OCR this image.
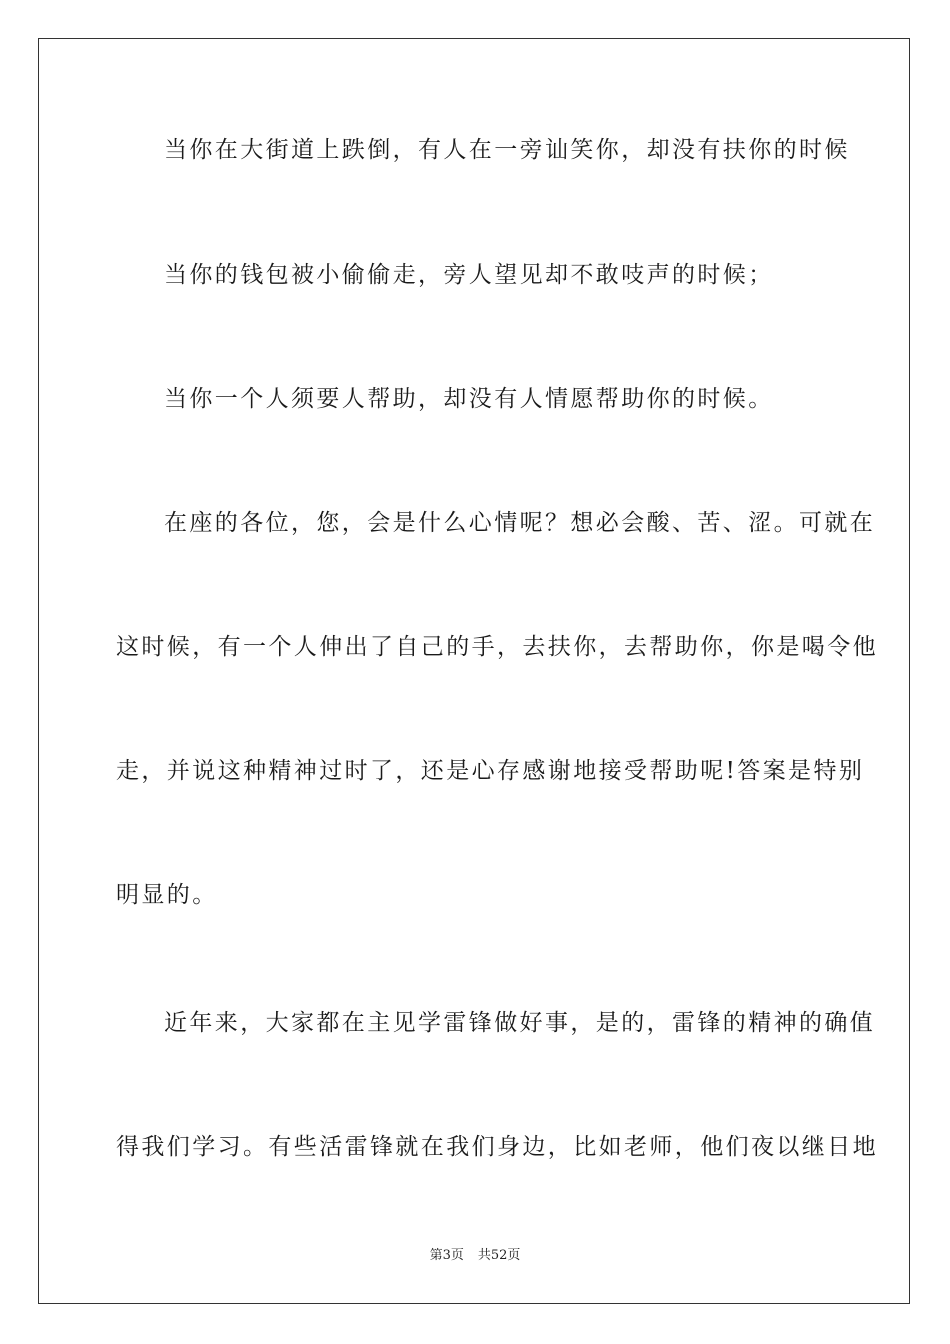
当你在大街道上跌倒，有人在一旁讪笑你，却没有扶你的时候
当你的钱包被小偷偷走，旁人望见却不敢吱声的时候；
当你一个人须要人帮助，却没有人情愿帮助你的时候。
在座的各位，您，会是什么心情呢？想必会酸、苦、涩。可就在
这时候，有一个人伸出了自己的手，去扶你，去帮助你，你是喝令他
走，并说这种精神过时了，还是心存感谢地接受帮助呢!答案是特别
明显的。
近年来，大家都在主见学雷锋做好事，是的，雷锋的精神的确值
得我们学习。有些活雷锋就在我们身边，比如老师，他们夜以继日地
第3页 共52页
